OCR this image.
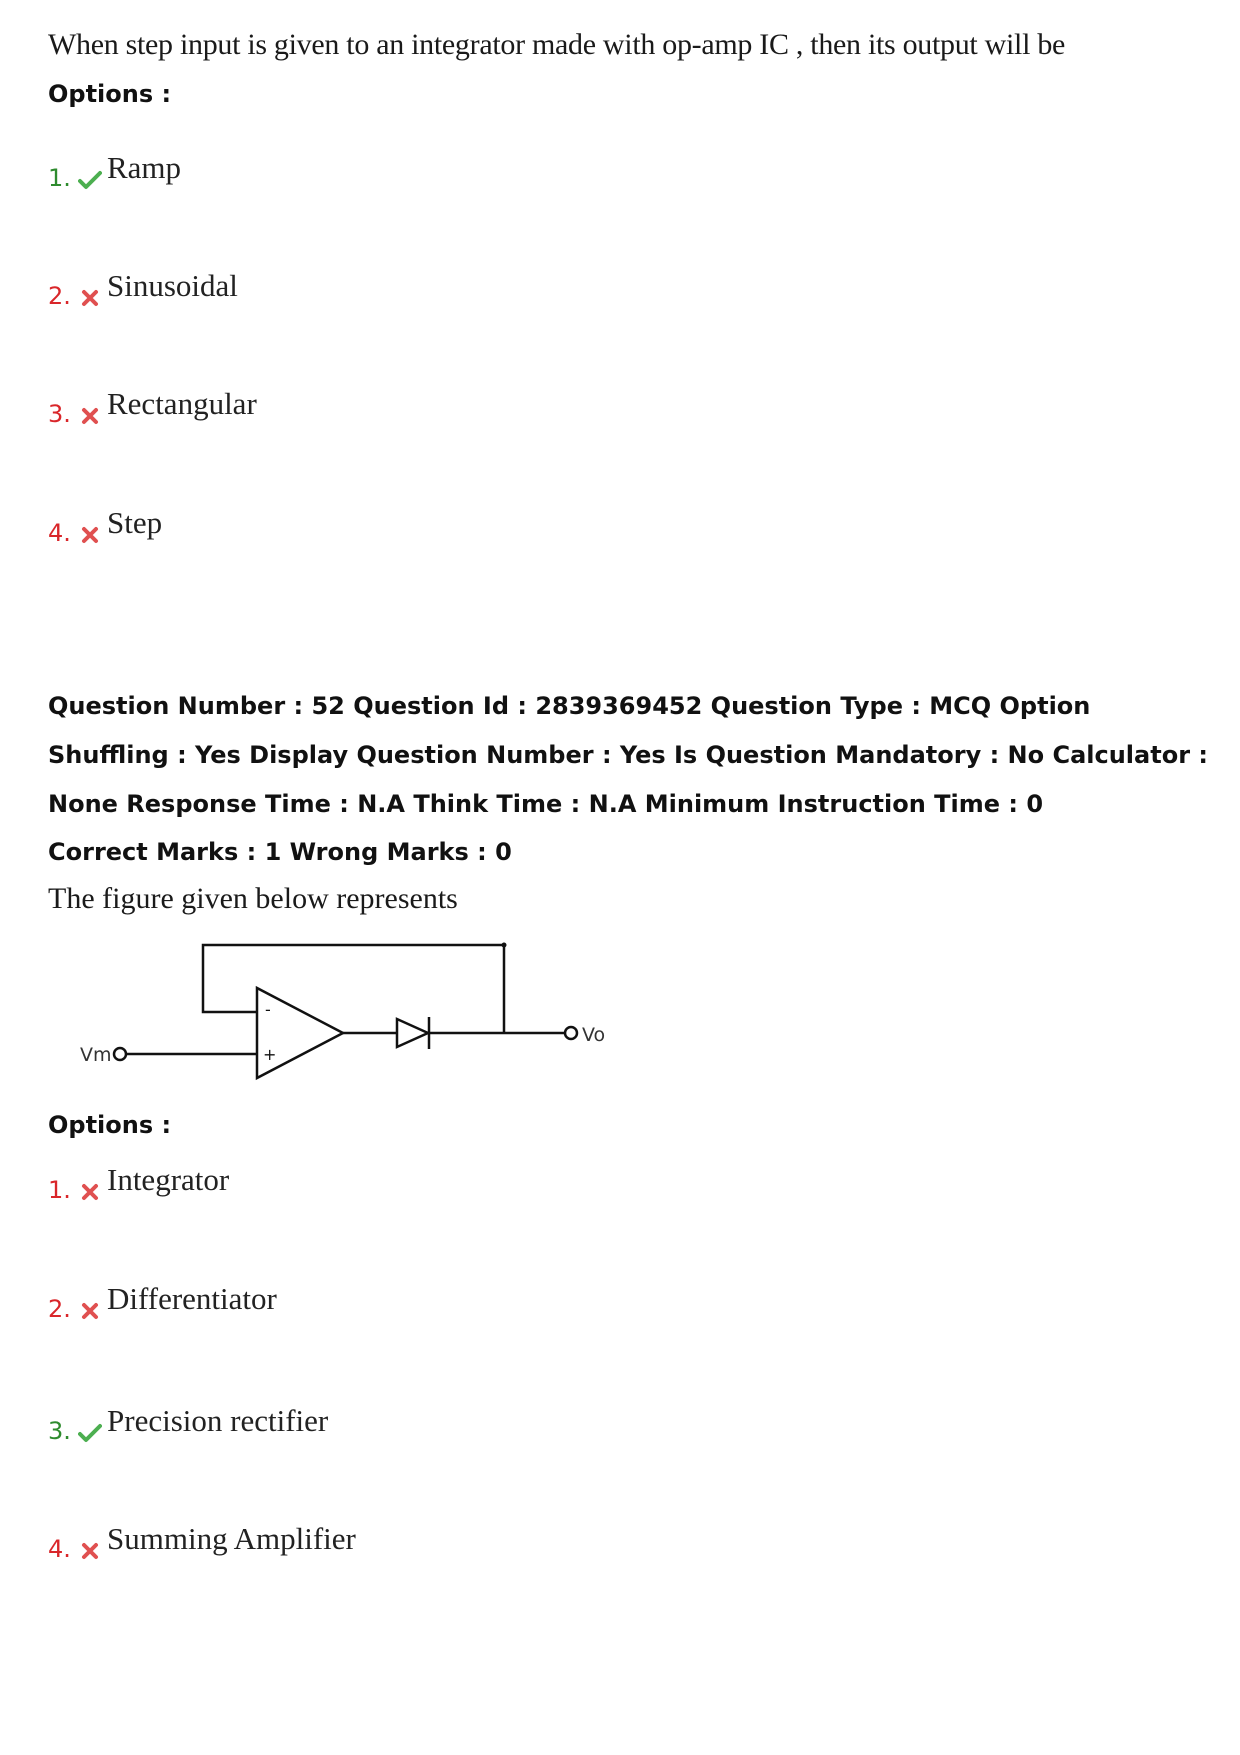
When step input is given to an integrator made with op-amp IC , then its output will be
Options :
1. Ramp
2. Sinusoidal
3. Rectangular
4. Step
Question Number : 52 Question Id : 2839369452 Question Type : MCQ Option Shuffling : Yes Display Question Number : Yes Is Question Mandatory : No Calculator : None Response Time : N.A Think Time : N.A Minimum Instruction Time : 0
Correct Marks : 1 Wrong Marks : 0
The figure given below represents
-
+
Vm
Vo
Options :
1. Integrator
2. Differentiator
3. Precision rectifier
4. Summing Amplifier
